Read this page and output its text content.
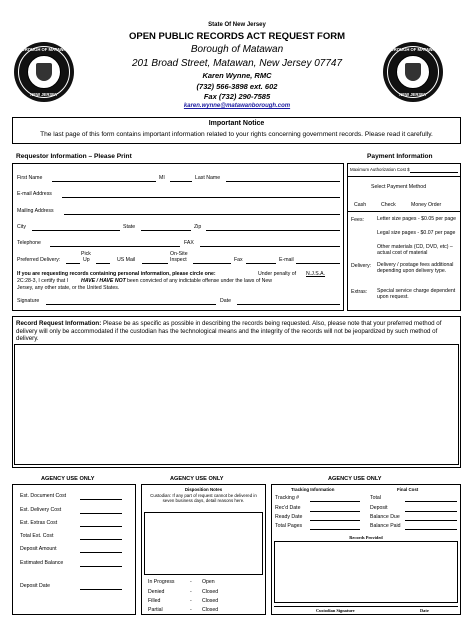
BOROUGH OF MATAWAN
NEW JERSEY
BOROUGH OF MATAWAN
NEW JERSEY
State Of New Jersey
OPEN PUBLIC RECORDS ACT REQUEST FORM
Borough of Matawan
201 Broad Street, Matawan, New Jersey 07747
Karen Wynne, RMC
(732) 566-3898 ext. 602
Fax (732) 290-7585
karen.wynne@matawanborough.com
Important Notice
The last page of this form contains important information related to your rights concerning government records. Please read it carefully.
Requestor Information – Please Print
First Name	MI	Last Name
E-mail Address
Mailing Address
City	State	Zip
Telephone	FAX
Preferred Delivery:
Pick
Up	US Mail
On-Site
Inspect	Fax	E-mail
If you are requesting records containing personal information, please circle one:	Under penalty of N.J.S.A.
2C:28-3, I certify that I HAVE / HAVE NOT been convicted of any indictable offense under the laws of New
Jersey, any other state, or the United States.
Signature	Date
Payment Information
Maximum Authorization Cost $
Select Payment Method
Cash	Check	Money Order
Fees:	Letter size pages - $0.05 per page
Legal size pages - $0.07 per page
Other materials (CD, DVD, etc) – actual cost of material
Delivery: Delivery / postage fees additional depending upon delivery type.
Extras: Special service charge dependent upon request.
Record Request Information: Please be as specific as possible in describing the records being requested. Also, please note that your preferred method of delivery will only be accommodated if the custodian has the technological means and the integrity of the records will not be jeopardized by such method of delivery.
AGENCY USE ONLY
Est. Document Cost
Est. Delivery Cost
Est. Extras Cost
Total Est. Cost
Deposit Amount
Estimated Balance
Deposit Date
AGENCY USE ONLY
Disposition Notes
Custodian: If any part of request cannot be delivered in seven business days, detail reasons here.
In Progress	- Open
Denied	- Closed
Filled	- Closed
Partial	- Closed
AGENCY USE ONLY
Tracking Information	Final Cost
Tracking #
Rec'd Date
Ready Date
Total Pages
Total
Deposit
Balance Due
Balance Paid
Records Provided
Custodian Signature	Date
